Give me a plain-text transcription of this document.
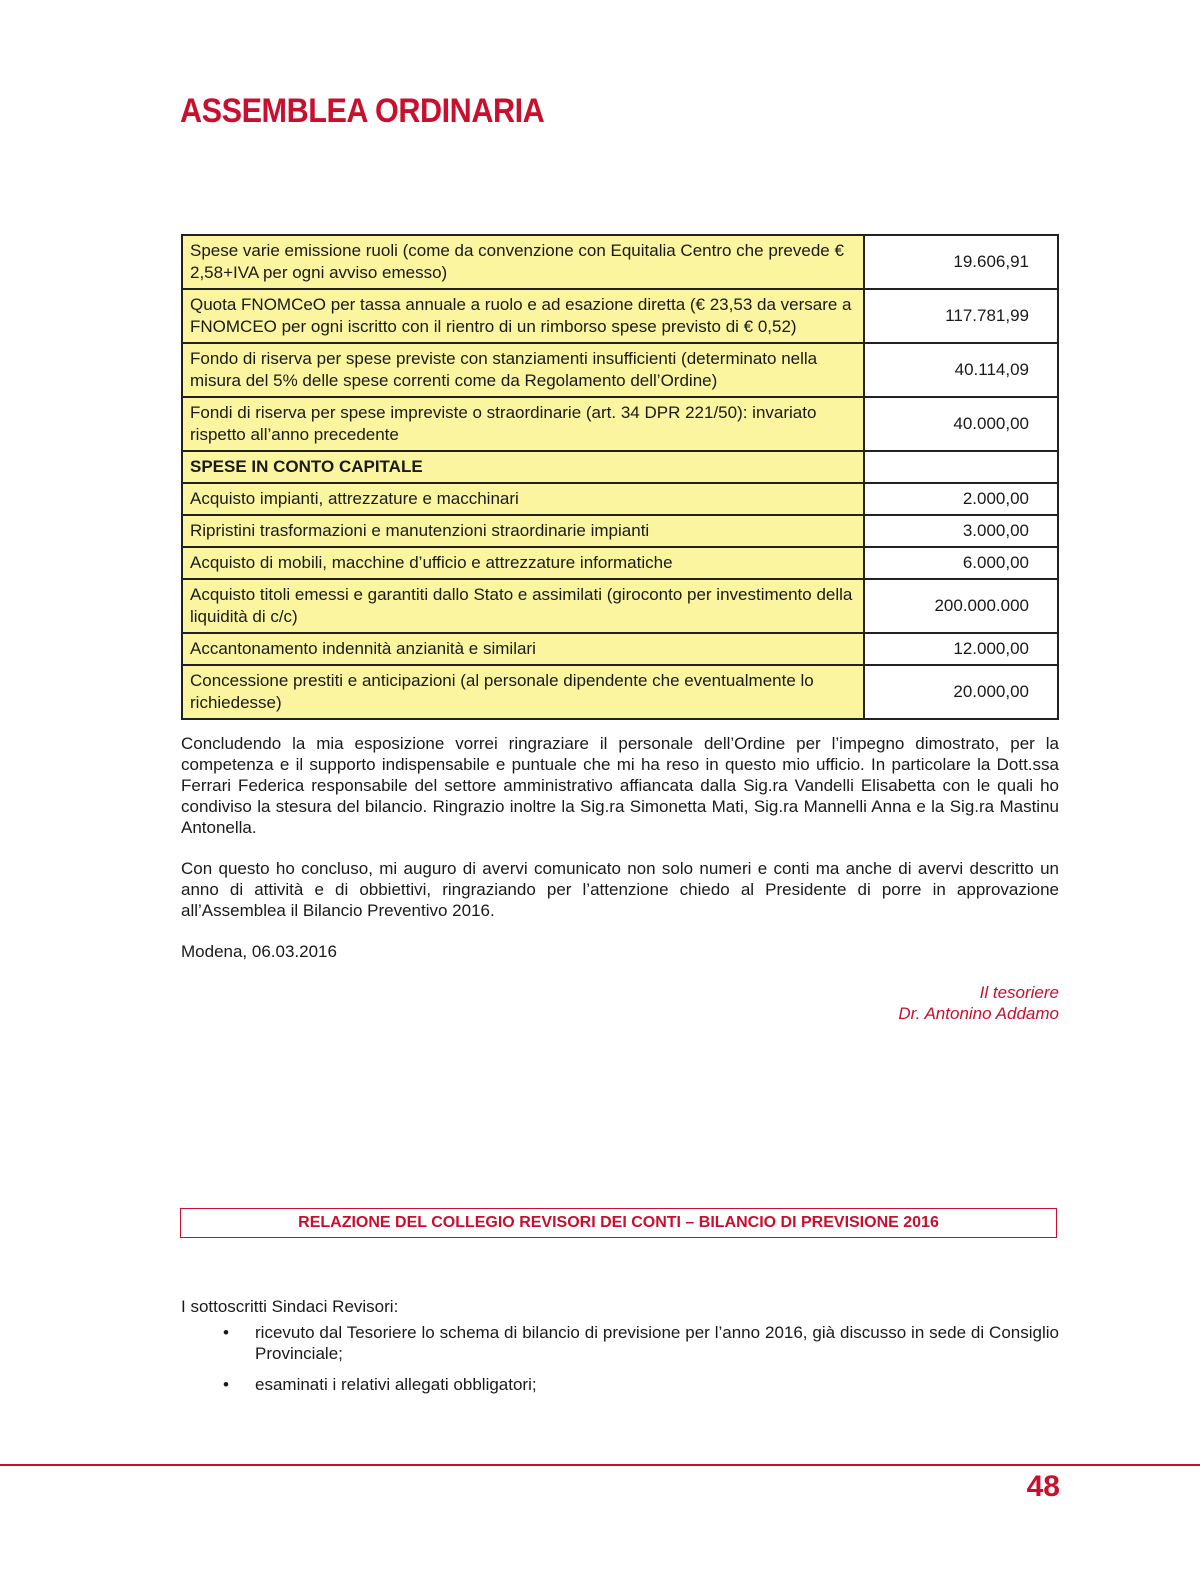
ASSEMBLEA ORDINARIA
Spese varie emissione ruoli (come da convenzione con Equitalia Centro che prevede € 2,58+IVA per ogni avviso emesso)	19.606,91
Quota FNOMCeO per tassa annuale a ruolo e ad esazione diretta (€ 23,53 da versare a FNOMCEO per ogni iscritto con il rientro di un rimborso spese previsto di € 0,52)	117.781,99
Fondo di riserva per spese previste con stanziamenti insufficienti (determinato nella misura del 5% delle spese correnti come da Regolamento dell’Ordine)	40.114,09
Fondi di riserva per spese impreviste o straordinarie (art. 34 DPR 221/50): invariato rispetto all’anno precedente	40.000,00
SPESE IN CONTO CAPITALE	
Acquisto impianti, attrezzature e macchinari	2.000,00
Ripristini trasformazioni e manutenzioni straordinarie impianti	3.000,00
Acquisto di mobili, macchine d’ufficio e attrezzature informatiche	6.000,00
Acquisto titoli emessi e garantiti dallo Stato e assimilati (giroconto per investimento della liquidità di c/c)	200.000.000
Accantonamento indennità anzianità e similari	12.000,00
Concessione prestiti e anticipazioni (al personale dipendente che eventualmente lo richiedesse)	20.000,00

Concludendo la mia esposizione vorrei ringraziare il personale dell’Ordine per l’impegno dimostrato, per la competenza e il supporto indispensabile e puntuale che mi ha reso in questo mio ufficio. In particolare la Dott.ssa Ferrari Federica responsabile del settore amministrativo affiancata dalla Sig.ra Vandelli Elisabetta con le quali ho condiviso la stesura del bilancio. Ringrazio inoltre la Sig.ra Simonetta Mati, Sig.ra Mannelli Anna e la Sig.ra Mastinu Antonella.

Con questo ho concluso, mi auguro di avervi comunicato non solo numeri e conti ma anche di avervi descritto un anno di attività e di obbiettivi, ringraziando per l’attenzione chiedo al Presidente di porre in approvazione all’Assemblea il Bilancio Preventivo 2016.

Modena, 06.03.2016

Il tesoriere
Dr. Antonino Addamo
RELAZIONE DEL COLLEGIO REVISORI DEI CONTI – BILANCIO DI PREVISIONE 2016

I sottoscritti Sindaci Revisori:

• ricevuto dal Tesoriere lo schema di bilancio di previsione per l’anno 2016, già discusso in sede di Consiglio Provinciale;
• esaminati i relativi allegati obbligatori;
48
